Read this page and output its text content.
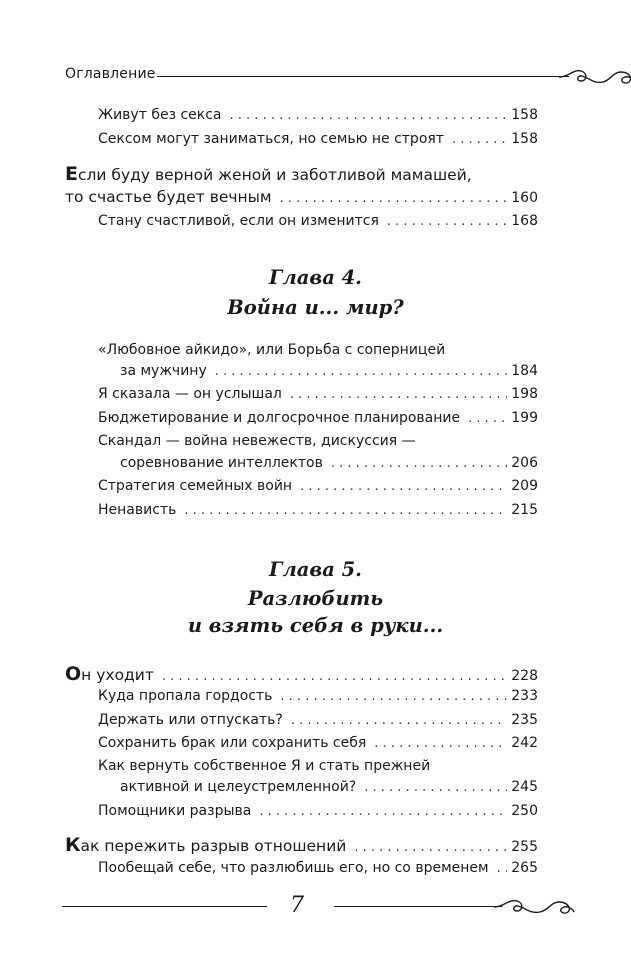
Оглавление
Живут без секса . . .	158
Сексом могут заниматься, но семью не строят . . .	158
Если буду верной женой и заботливой мамашей,
то счастье будет вечным . . .	160
Стану счастливой, если он изменится . . .	168
Глава 4.
Война и... мир?
«Любовное айкидо», или Борьба с соперницей
за мужчину . . .	184
Я сказала — он услышал . . .	198
Бюджетирование и долгосрочное планирование . . .	199
Скандал — война невежеств, дискуссия —
соревнование интеллектов . . .	206
Стратегия семейных войн . . .	209
Ненависть . . .	215
Глава 5.
Разлюбить
и взять себя в руки...
Он уходит . . .	228
Куда пропала гордость . . .	233
Держать или отпускать? . . .	235
Сохранить брак или сохранить себя . . .	242
Как вернуть собственное Я и стать прежней
активной и целеустремленной? . . .	245
Помощники разрыва . . .	250
Как пережить разрыв отношений . . .	255
Пообещай себе, что разлюбишь его, но со временем . . . 265
7
